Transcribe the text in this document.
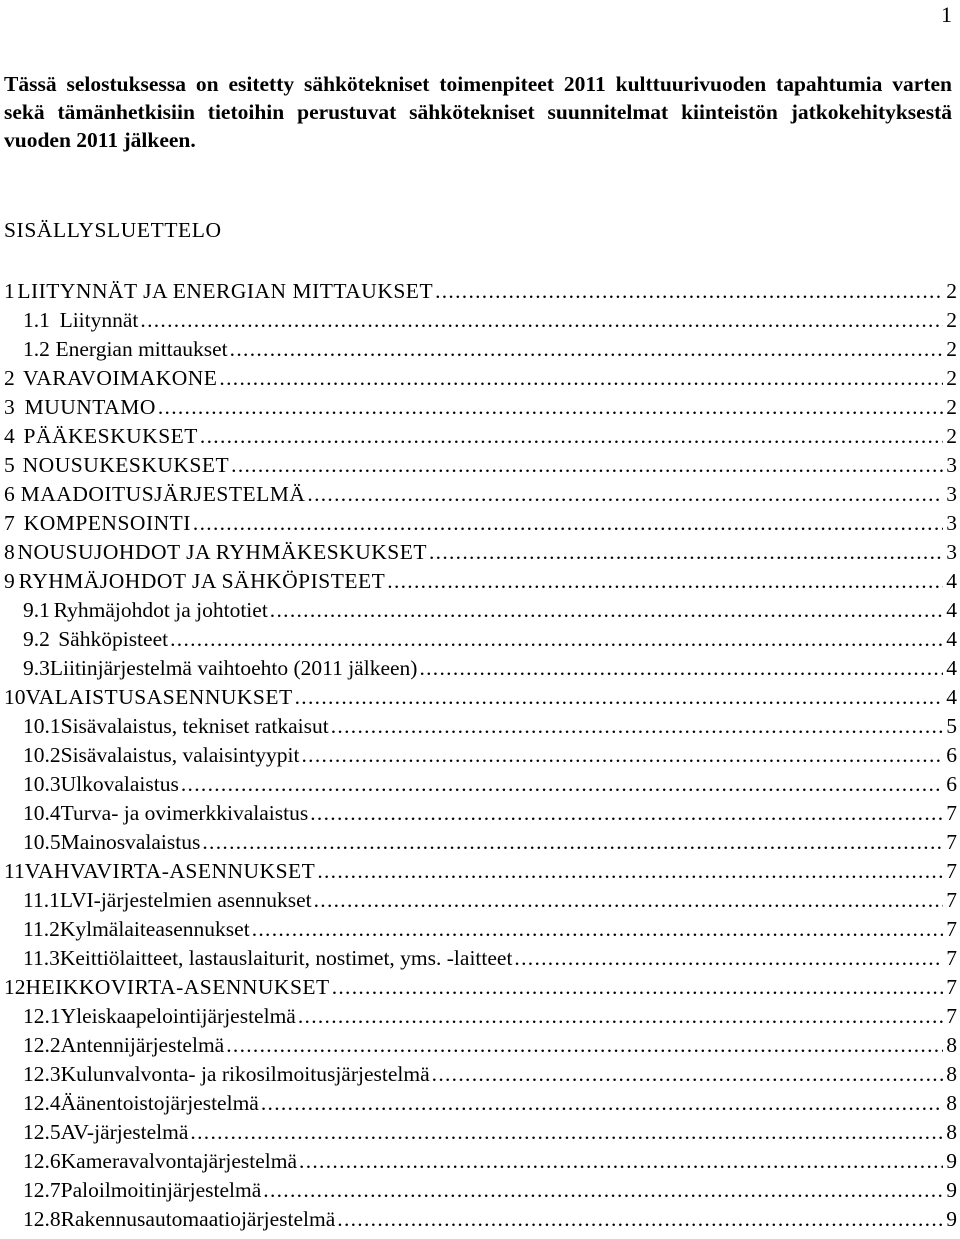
1
Tässä selostuksessa on esitetty sähkötekniset toimenpiteet 2011 kulttuurivuoden tapahtumia varten sekä tämänhetkisiin tietoihin perustuvat sähkötekniset suunnitelmat kiinteistön jatkokehityksestä vuoden 2011 jälkeen.
SISÄLLYSLUETTELO
1 LIITYNNÄT JA ENERGIAN MITTAUKSET .....	2
1.1 Liitynnät .....	2
1.2 Energian mittaukset .....	2
2 VARAVOIMAKONE .....	2
3 MUUNTAMO .....	2
4 PÄÄKESKUKSET .....	2
5 NOUSUKESKUKSET .....	3
6 MAADOITUSJÄRJESTELMÄ .....	3
7 KOMPENSOINTI .....	3
8 NOUSUJOHDOT JA RYHMÄKESKUKSET .....	3
9 RYHMÄJOHDOT JA SÄHKÖPISTEET .....	4
9.1 Ryhmäjohdot ja johtotiet .....	4
9.2 Sähköpisteet .....	4
9.3 Liitinjärjestelmä vaihtoehto (2011 jälkeen) .....	4
10 VALAISTUSASENNUKSET .....	4
10.1 Sisävalaistus, tekniset ratkaisut .....	5
10.2 Sisävalaistus, valaisintyypit .....	6
10.3 Ulkovalaistus .....	6
10.4 Turva- ja ovimerkkivalaistus .....	7
10.5 Mainosvalaistus .....	7
11 VAHVAVIRTA-ASENNUKSET .....	7
11.1 LVI-järjestelmien asennukset .....	7
11.2 Kylmälaiteasennukset .....	7
11.3 Keittiölaitteet, lastauslaiturit, nostimet, yms. -laitteet .....	7
12 HEIKKOVIRTA-ASENNUKSET .....	7
12.1 Yleiskaapelointijärjestelmä .....	7
12.2 Antennijärjestelmä .....	8
12.3 Kulunvalvonta- ja rikosilmoitusjärjestelmä .....	8
12.4 Äänentoistojärjestelmä .....	8
12.5 AV-järjestelmä .....	8
12.6 Kameravalvontajärjestelmä .....	9
12.7 Paloilmoitinjärjestelmä .....	9
12.8 Rakennusautomaatiojärjestelmä .....	9
